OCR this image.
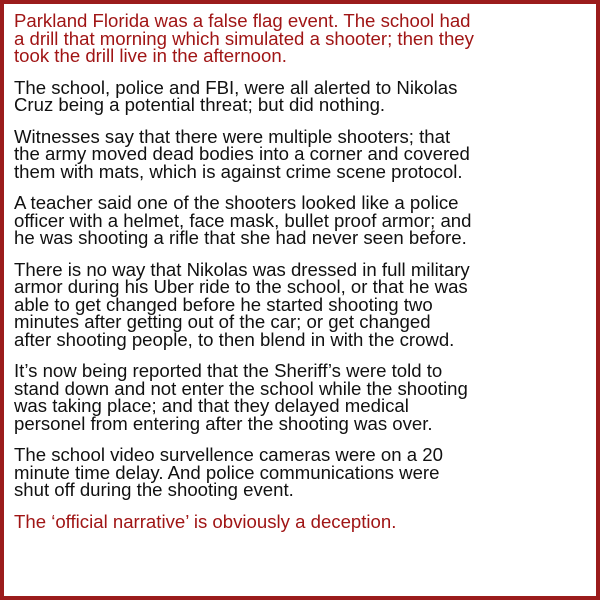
Parkland Florida was a false flag event. The school had
a drill that morning which simulated a shooter; then they
took the drill live in the afternoon.

The school, police and FBI, were all alerted to Nikolas
Cruz being a potential threat; but did nothing.

Witnesses say that there were multiple shooters; that
the army moved dead bodies into a corner and covered
them with mats, which is against crime scene protocol.

A teacher said one of the shooters looked like a police
officer with a helmet, face mask, bullet proof armor; and
he was shooting a rifle that she had never seen before.

There is no way that Nikolas was dressed in full military
armor during his Uber ride to the school, or that he was
able to get changed before he started shooting two
minutes after getting out of the car; or get changed
after shooting people, to then blend in with the crowd.

It’s now being reported that the Sheriff’s were told to
stand down and not enter the school while the shooting
was taking place; and that they delayed medical
personel from entering after the shooting was over.

The school video survellence cameras were on a 20
minute time delay. And police communications were
shut off during the shooting event.

The ‘official narrative’ is obviously a deception.
